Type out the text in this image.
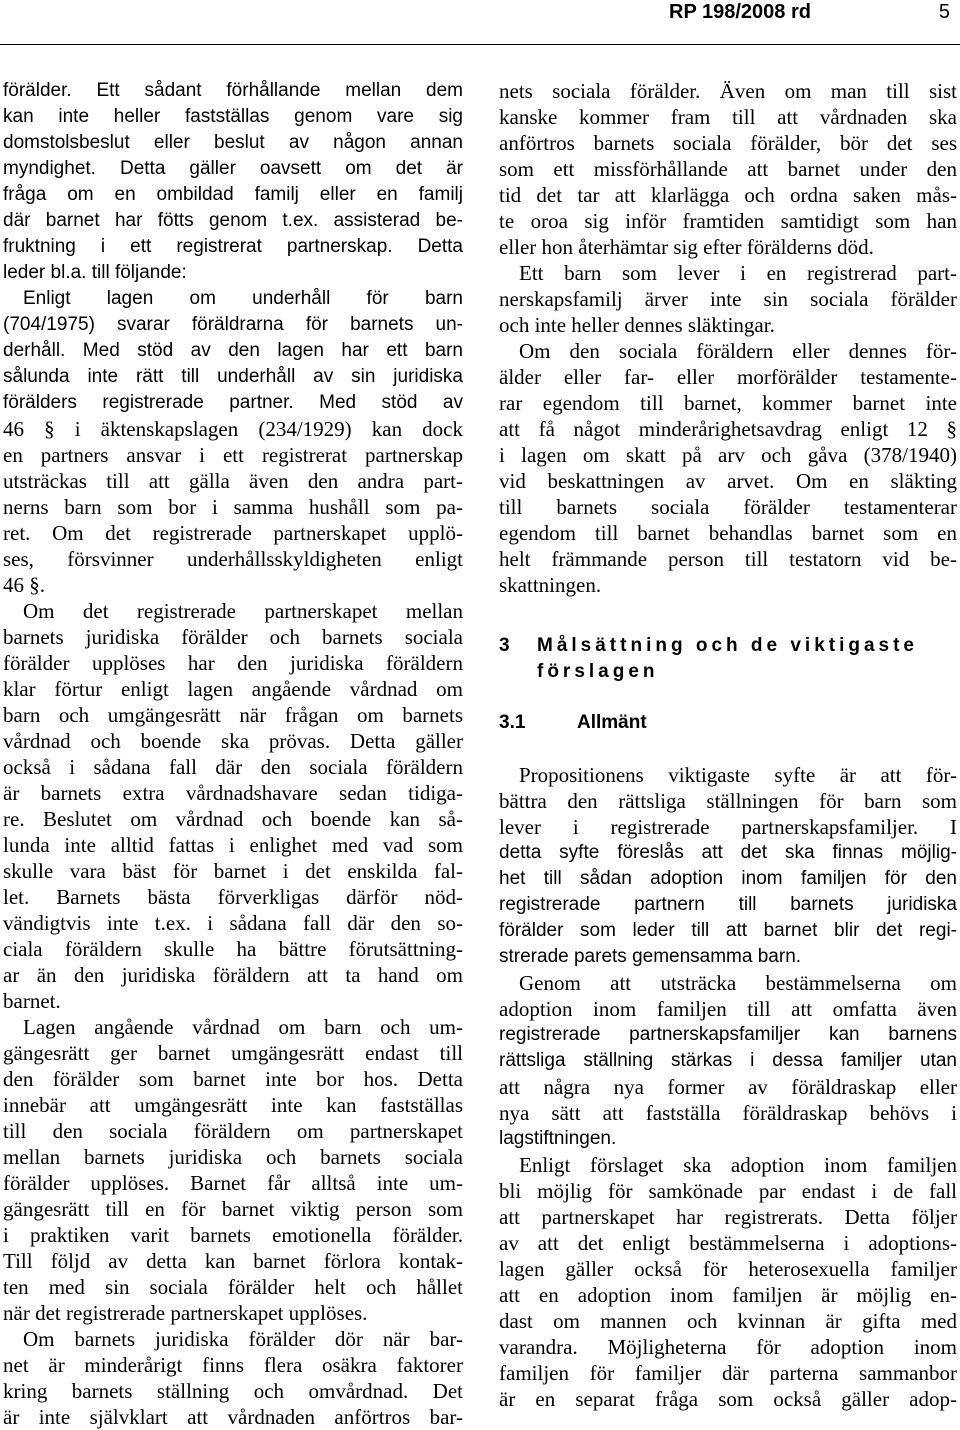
RP 198/2008 rd	5
förälder. Ett sådant förhållande mellan dem
kan inte heller fastställas genom vare sig
domstolsbeslut eller beslut av någon annan
myndighet. Detta gäller oavsett om det är
fråga om en ombildad familj eller en familj
där barnet har fötts genom t.ex. assisterad be-
fruktning i ett registrerat partnerskap. Detta
leder bl.a. till följande:
Enligt lagen om underhåll för barn
(704/1975) svarar föräldrarna för barnets un-
derhåll. Med stöd av den lagen har ett barn
sålunda inte rätt till underhåll av sin juridiska
förälders registrerade partner. Med stöd av
46 § i äktenskapslagen (234/1929) kan dock
en partners ansvar i ett registrerat partnerskap
utsträckas till att gälla även den andra part-
nerns barn som bor i samma hushåll som pa-
ret. Om det registrerade partnerskapet upplö-
ses, försvinner underhållsskyldigheten enligt
46 §.
Om det registrerade partnerskapet mellan
barnets juridiska förälder och barnets sociala
förälder upplöses har den juridiska föräldern
klar förtur enligt lagen angående vårdnad om
barn och umgängesrätt när frågan om barnets
vårdnad och boende ska prövas. Detta gäller
också i sådana fall där den sociala föräldern
är barnets extra vårdnadshavare sedan tidiga-
re. Beslutet om vårdnad och boende kan så-
lunda inte alltid fattas i enlighet med vad som
skulle vara bäst för barnet i det enskilda fal-
let. Barnets bästa förverkligas därför nöd-
vändigtvis inte t.ex. i sådana fall där den so-
ciala föräldern skulle ha bättre förutsättning-
ar än den juridiska föräldern att ta hand om
barnet.
Lagen angående vårdnad om barn och um-
gängesrätt ger barnet umgängesrätt endast till
den förälder som barnet inte bor hos. Detta
innebär att umgängesrätt inte kan fastställas
till den sociala föräldern om partnerskapet
mellan barnets juridiska och barnets sociala
förälder upplöses. Barnet får alltså inte um-
gängesrätt till en för barnet viktig person som
i praktiken varit barnets emotionella förälder.
Till följd av detta kan barnet förlora kontak-
ten med sin sociala förälder helt och hållet
när det registrerade partnerskapet upplöses.
Om barnets juridiska förälder dör när bar-
net är minderårigt finns flera osäkra faktorer
kring barnets ställning och omvårdnad. Det
är inte självklart att vårdnaden anförtros bar-
nets sociala förälder. Även om man till sist
kanske kommer fram till att vårdnaden ska
anförtros barnets sociala förälder, bör det ses
som ett missförhållande att barnet under den
tid det tar att klarlägga och ordna saken mås-
te oroa sig inför framtiden samtidigt som han
eller hon återhämtar sig efter förälderns död.
Ett barn som lever i en registrerad part-
nerskapsfamilj ärver inte sin sociala förälder
och inte heller dennes släktingar.
Om den sociala föräldern eller dennes för-
älder eller far- eller morförälder testamente-
rar egendom till barnet, kommer barnet inte
att få något minderårighetsavdrag enligt 12 §
i lagen om skatt på arv och gåva (378/1940)
vid beskattningen av arvet. Om en släkting
till barnets sociala förälder testamenterar
egendom till barnet behandlas barnet som en
helt främmande person till testatorn vid be-
skattningen.
3 Målsättning och de viktigaste
förslagen
3.1	Allmänt
Propositionens viktigaste syfte är att för-
bättra den rättsliga ställningen för barn som
lever i registrerade partnerskapsfamiljer. I
detta syfte föreslås att det ska finnas möjlig-
het till sådan adoption inom familjen för den
registrerade partnern till barnets juridiska
förälder som leder till att barnet blir det regi-
strerade parets gemensamma barn.
Genom att utsträcka bestämmelserna om
adoption inom familjen till att omfatta även
registrerade partnerskapsfamiljer kan barnens
rättsliga ställning stärkas i dessa familjer utan
att några nya former av föräldraskap eller
nya sätt att fastställa föräldraskap behövs i
lagstiftningen.
Enligt förslaget ska adoption inom familjen
bli möjlig för samkönade par endast i de fall
att partnerskapet har registrerats. Detta följer
av att det enligt bestämmelserna i adoptions-
lagen gäller också för heterosexuella familjer
att en adoption inom familjen är möjlig en-
dast om mannen och kvinnan är gifta med
varandra. Möjligheterna för adoption inom
familjen för familjer där parterna sammanbor
är en separat fråga som också gäller adop-
